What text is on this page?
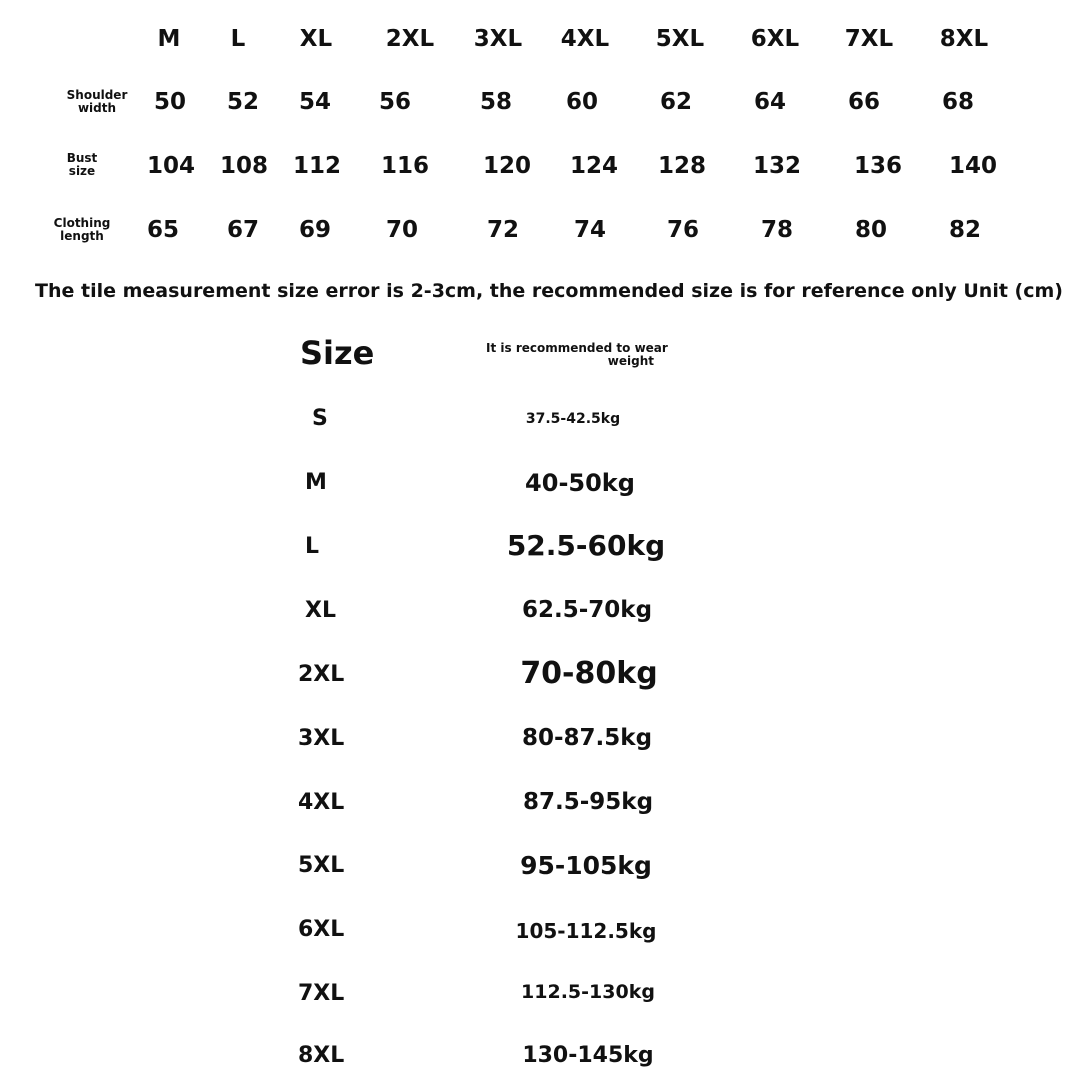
M L XL 2XL 3XL 4XL 5XL 6XL 7XL 8XL
Shoulder
width	50 52 54 56	58 60	62	64	66	68
Bust
size 104 108 112 116 120 124 128 132 136 140
Clothing
length 65 67 69 70	72 74	76	78	80	82
The tile measurement size error is 2-3cm, the recommended size is for reference only Unit (cm)
Size	It is recommended to wear
weight
S	37.5-42.5kg
M	40-50kg
L	52.5-60kg
XL	62.5-70kg
2XL	70-80kg
3XL	80-87.5kg
4XL	87.5-95kg
5XL	95-105kg
6XL	105-112.5kg
7XL	112.5-130kg
8XL	130-145kg
